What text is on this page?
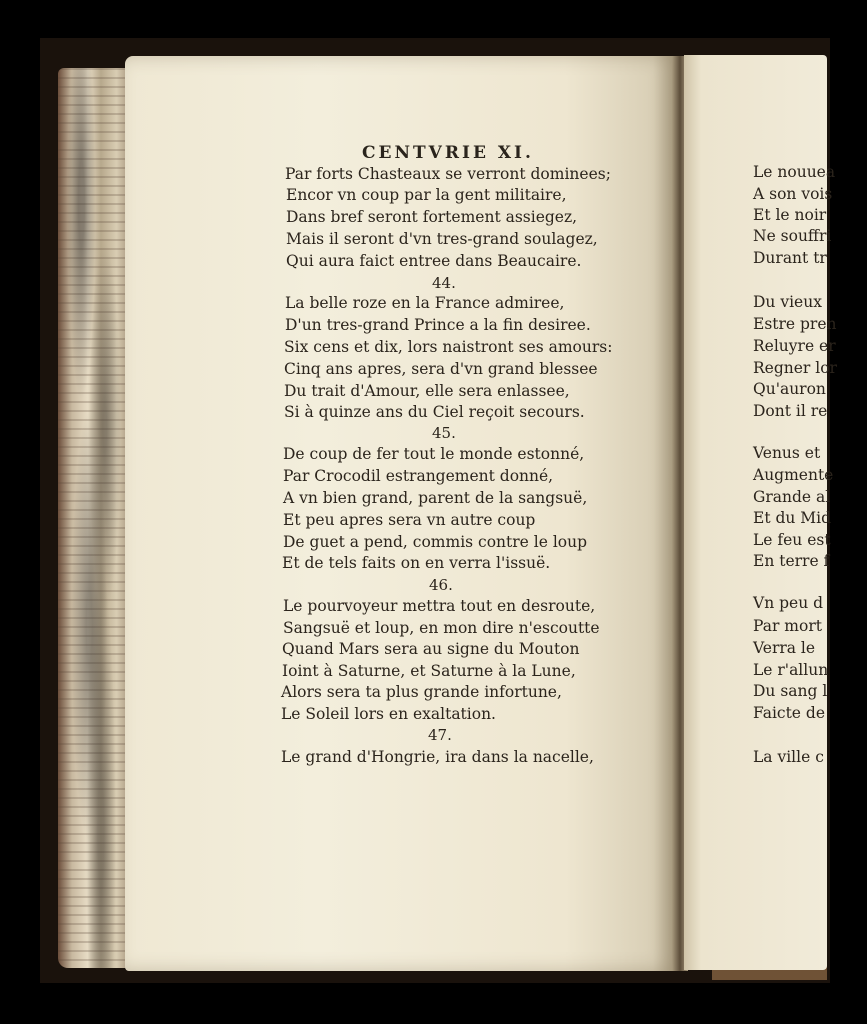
CENTVRIE XI.
Par forts Chasteaux se verront dominees;
Encor vn coup par la gent militaire,
Dans bref seront fortement assiegez,
Mais il seront d'vn tres-grand soulagez,
Qui aura faict entree dans Beaucaire.
44.
La belle roze en la France admiree,
D'un tres-grand Prince a la fin desiree.
Six cens et dix, lors naistront ses amours:
Cinq ans apres, sera d'vn grand blessee
Du trait d'Amour, elle sera enlassee,
Si à quinze ans du Ciel reçoit secours.
45.
De coup de fer tout le monde estonné,
Par Crocodil estrangement donné,
A vn bien grand, parent de la sangsuë,
Et peu apres sera vn autre coup
De guet a pend, commis contre le loup
Et de tels faits on en verra l'issuë.
46.
Le pourvoyeur mettra tout en desroute,
Sangsuë et loup, en mon dire n'escoutte
Quand Mars sera au signe du Mouton
Ioint à Saturne, et Saturne à la Lune,
Alors sera ta plus grande infortune,
Le Soleil lors en exaltation.
47.
Le grand d'Hongrie, ira dans la nacelle,
Le nouuea
A son vois
Et le noir
Ne souffri
Durant tr
Du vieux
Estre pren
Reluyre er
Regner lor
Qu'auron
Dont il re
Venus et
Augmente
Grande al
Et du Mid
Le feu est
En terre f
Vn peu d
Par mort
Verra le
Le r'allun
Du sang l
Faicte de
La ville c
